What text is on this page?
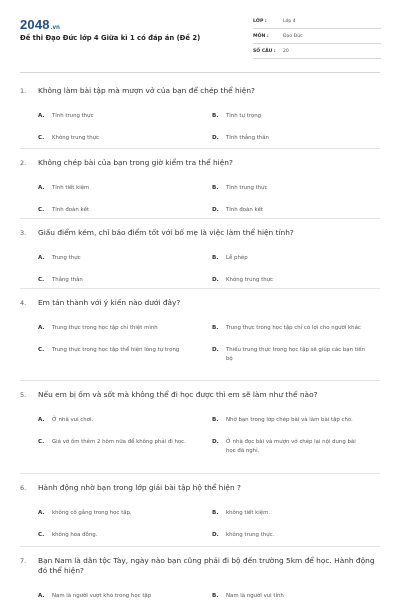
2048.vn
Đề thi Đạo Đức lớp 4 Giữa kì 1 có đáp án (Đề 2)
LỚP :	Lớp 4
MÔN :	Đạo Đức
SỐ CÂU :	20
1. Không làm bài tập mà mượn vở của bạn để chép thể hiện?
A. Tính trung thực	B. Tính tự trọng
C. Không trung thực	D. Tính thẳng thắn
2. Không chép bài của bạn trong giờ kiểm tra thể hiện?
A. Tính tiết kiệm	B. Tính trung thực
C. Tính đoàn kết	D. Tính đoàn kết
3. Giấu điểm kém, chỉ báo điểm tốt với bố mẹ là việc làm thể hiện tính?
A. Trung thực	B. Lễ phép
C. Thẳng thắn	D. Không trung thực
4. Em tán thành với ý kiến nào dưới đây?
A. Trung thực trong học tập chỉ thiệt mình	B. Trung thực trong học tập chỉ có lợi cho người khác
C. Trung thực trong học tập thể hiện lòng tự trọng	D. Thiếu trung thực trong học tập sẽ giúp các bạn tiến bộ
5. Nếu em bị ốm và sốt mà không thể đi học được thì em sẽ làm như thế nào?
A. Ở nhà vui chơi.	B. Nhờ bạn trong lớp chép bài và làm bài tập cho.
C. Giả vờ ốm thêm 2 hôm nữa để không phải đi học.	D. Ở nhà đọc bài và mượn vở chép lại nội dung bài học đã nghỉ.
6. Hành động nhờ bạn trong lớp giải bài tập hộ thể hiện ?
A. không cố gắng trong học tập.	B. không tiết kiệm.
C. không hòa đồng.	D. không trung thực.
7. Bạn Nam là dân tộc Tày, ngày nào bạn cũng phải đi bộ đến trường 5km để học. Hành động đó thể hiện?
A. Nam là người vượt khó trong học tập	B. Nam là người vui tính
